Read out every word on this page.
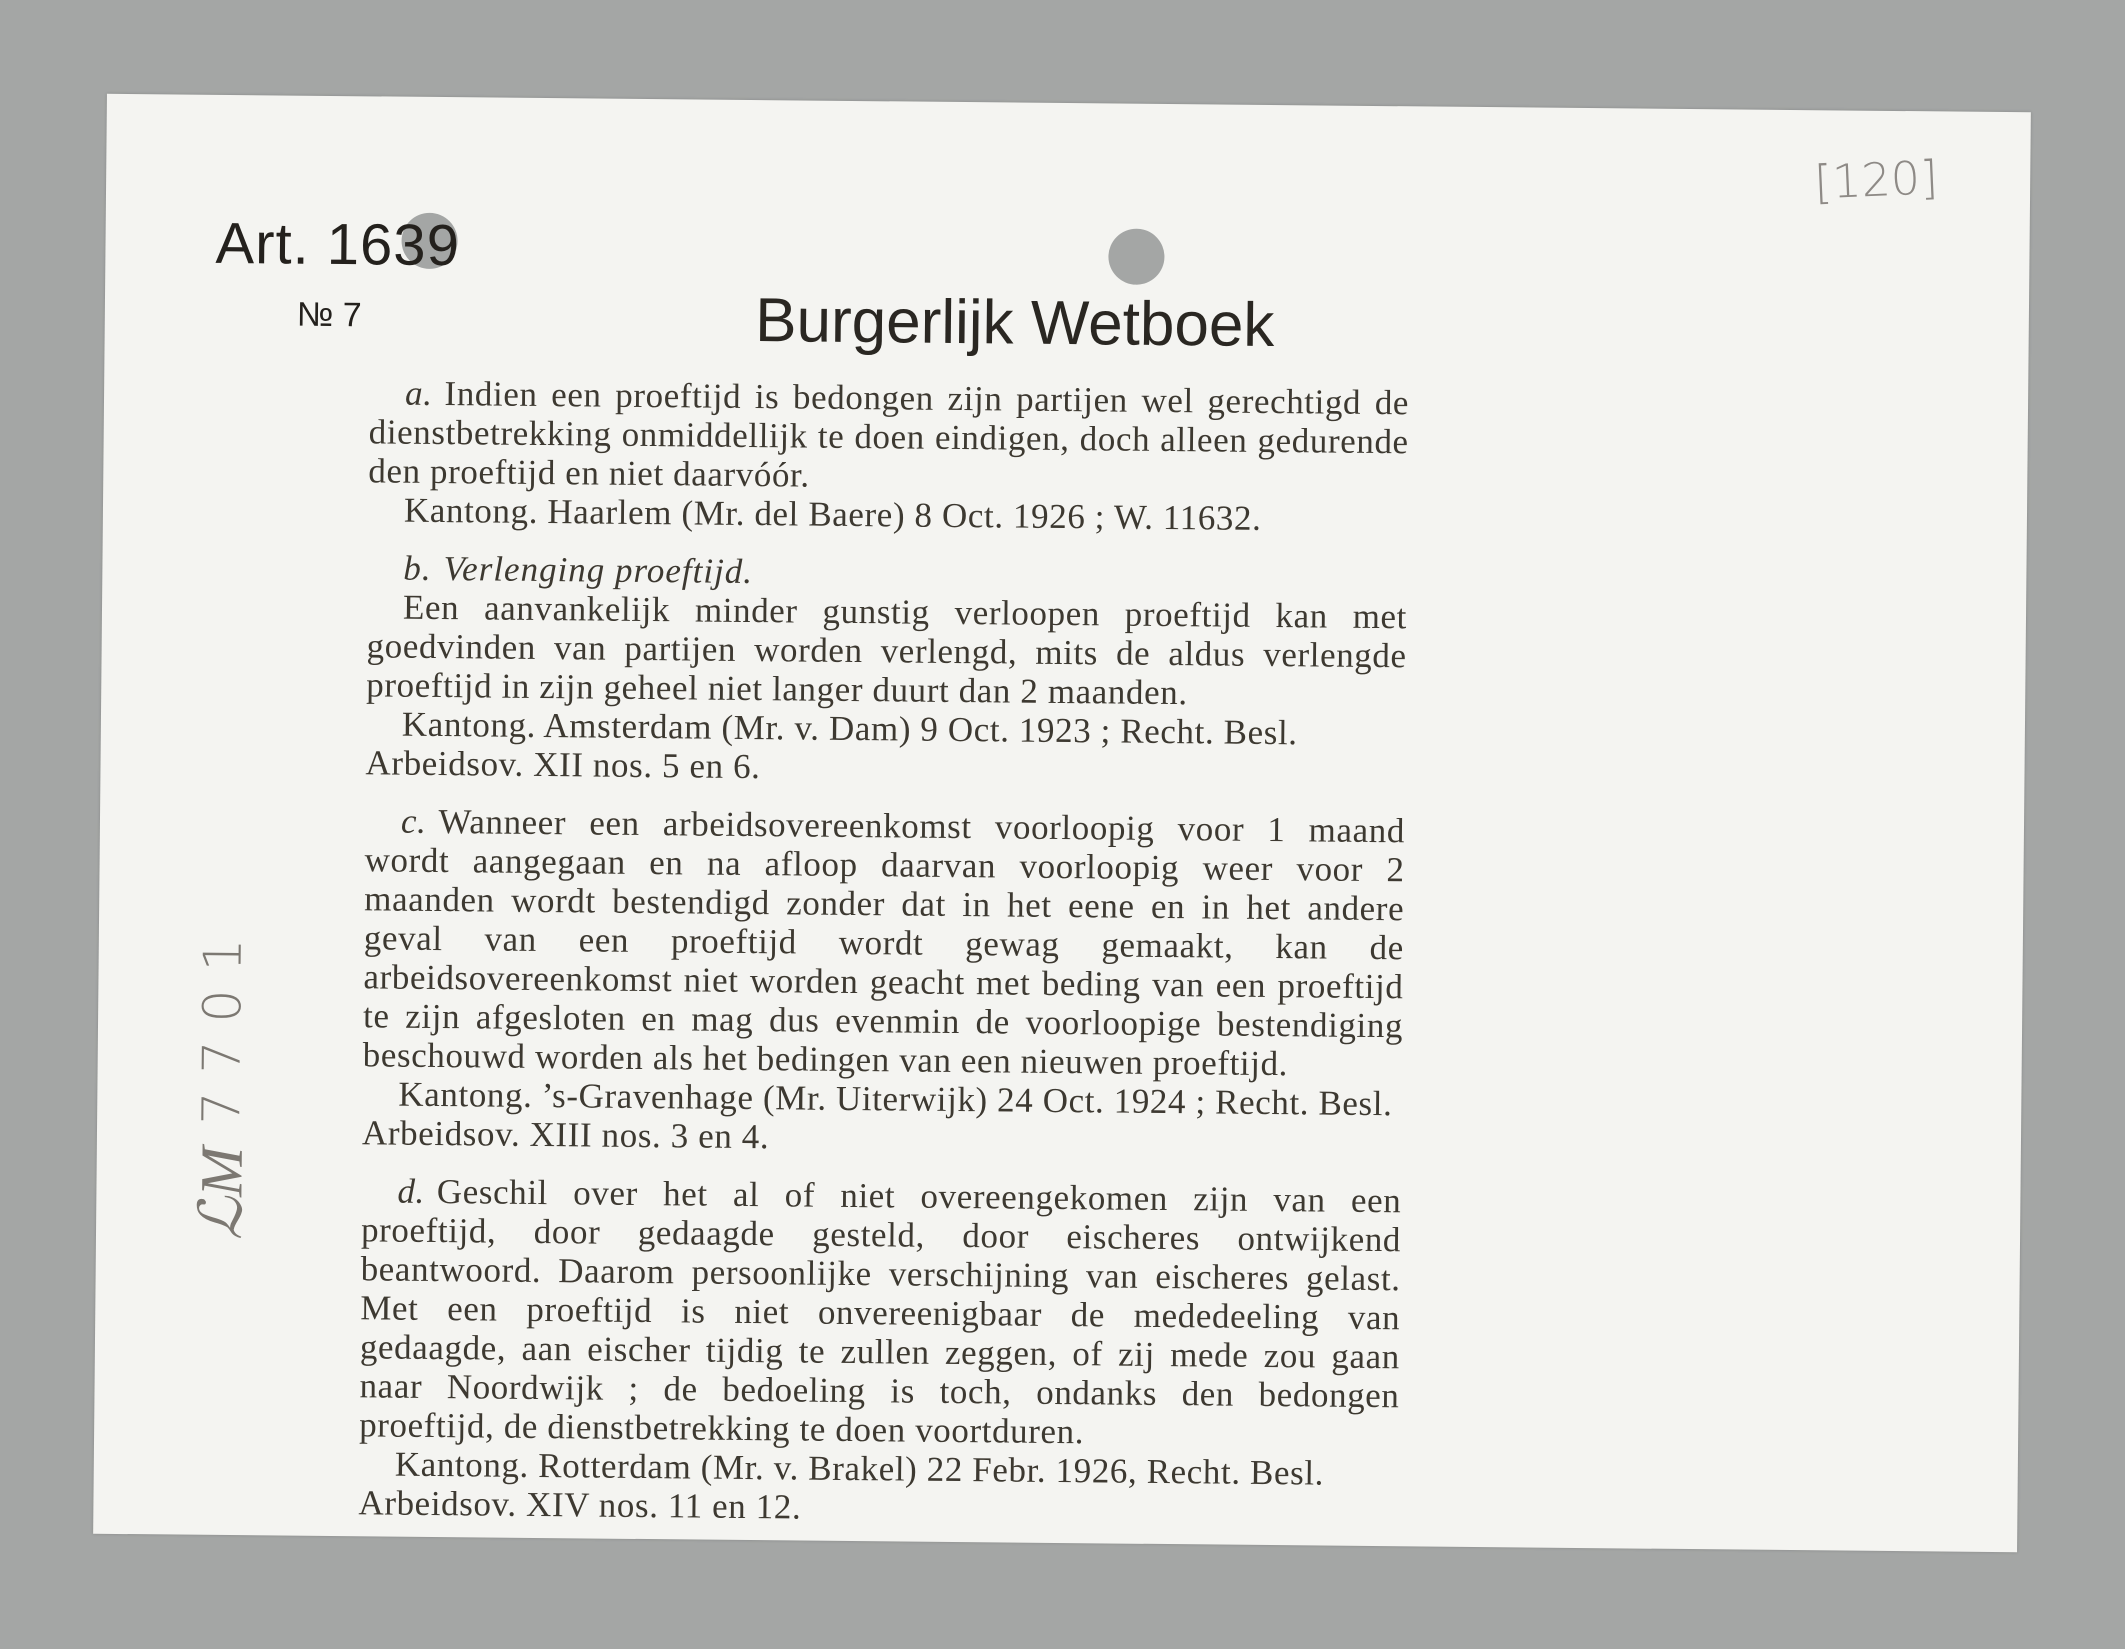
Art. 1639
№ 7
[120]
Burgerlijk Wetboek

a. Indien een proeftijd is bedongen zijn partijen wel gerechtigd de dienstbetrekking onmiddellijk te doen eindigen, doch alleen gedurende den proeftijd en niet daarvóór.

Kantong. Haarlem (Mr. del Baere) 8 Oct. 1926 ; W. 11632.

b. Verlenging proeftijd.

Een aanvankelijk minder gunstig verloopen proeftijd kan met goedvinden van partijen worden verlengd, mits de aldus verlengde proeftijd in zijn geheel niet langer duurt dan 2 maanden.

Kantong. Amsterdam (Mr. v. Dam) 9 Oct. 1923 ; Recht. Besl. Arbeidsov. XII nos. 5 en 6.

c. Wanneer een arbeidsovereenkomst voorloopig voor 1 maand wordt aangegaan en na afloop daarvan voorloopig weer voor 2 maanden wordt bestendigd zonder dat in het eene en in het andere geval van een proeftijd wordt gewag gemaakt, kan de arbeidsovereenkomst niet worden geacht met beding van een proeftijd te zijn afgesloten en mag dus evenmin de voorloopige bestendiging beschouwd worden als het bedingen van een nieuwen proeftijd.

Kantong. ’s-Gravenhage (Mr. Uiterwijk) 24 Oct. 1924 ; Recht. Besl. Arbeidsov. XIII nos. 3 en 4.

d. Geschil over het al of niet overeengekomen zijn van een proeftijd, door gedaagde gesteld, door eischeres ontwijkend beantwoord. Daarom persoonlijke verschijning van eischeres gelast. Met een proeftijd is niet onvereenigbaar de mededeeling van gedaagde, aan eischer tijdig te zullen zeggen, of zij mede zou gaan naar Noordwijk ; de bedoeling is toch, ondanks den bedongen proeftijd, de dienstbetrekking te doen voortduren.

Kantong. Rotterdam (Mr. v. Brakel) 22 Febr. 1926, Recht. Besl. Arbeidsov. XIV nos. 11 en 12.

ℒM
7701
